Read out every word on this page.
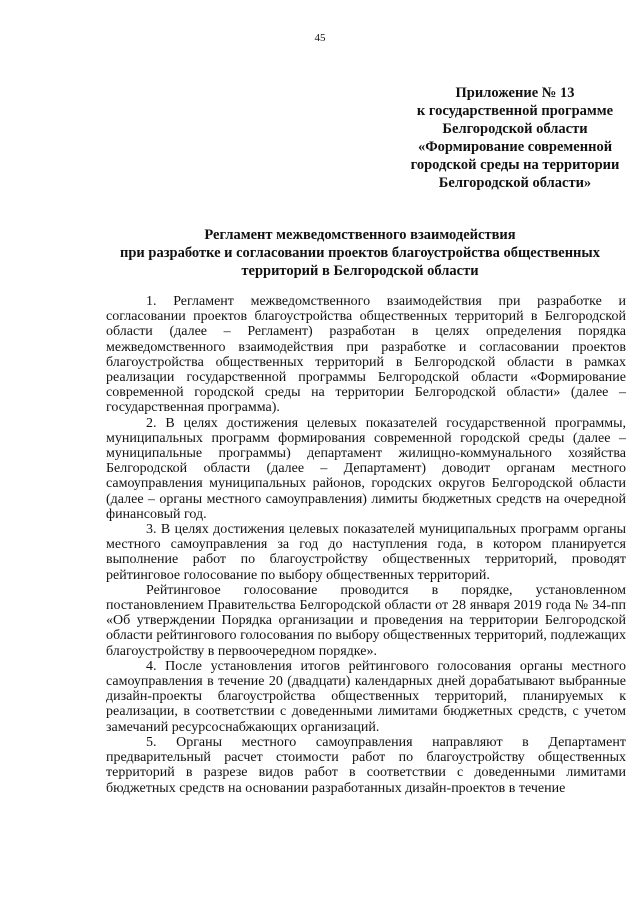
45
Приложение № 13
к государственной программе
Белгородской области
«Формирование современной
городской среды на территории
Белгородской области»
Регламент межведомственного взаимодействия
при разработке и согласовании проектов благоустройства общественных
территорий в Белгородской области

1. Регламент межведомственного взаимодействия при разработке и согласовании проектов благоустройства общественных территорий в Белгородской области (далее – Регламент) разработан в целях определения порядка межведомственного взаимодействия при разработке и согласовании проектов благоустройства общественных территорий в Белгородской области в рамках реализации государственной программы Белгородской области «Формирование современной городской среды на территории Белгородской области» (далее – государственная программа).

2. В целях достижения целевых показателей государственной программы, муниципальных программ формирования современной городской среды (далее – муниципальные программы) департамент жилищно-коммунального хозяйства Белгородской области (далее – Департамент) доводит органам местного самоуправления муниципальных районов, городских округов Белгородской области (далее – органы местного самоуправления) лимиты бюджетных средств на очередной финансовый год.

3. В целях достижения целевых показателей муниципальных программ органы местного самоуправления за год до наступления года, в котором планируется выполнение работ по благоустройству общественных территорий, проводят рейтинговое голосование по выбору общественных территорий.

Рейтинговое голосование проводится в порядке, установленном постановлением Правительства Белгородской области от 28 января 2019 года № 34-пп «Об утверждении Порядка организации и проведения на территории Белгородской области рейтингового голосования по выбору общественных территорий, подлежащих благоустройству в первоочередном порядке».

4. После установления итогов рейтингового голосования органы местного самоуправления в течение 20 (двадцати) календарных дней дорабатывают выбранные дизайн-проекты благоустройства общественных территорий, планируемых к реализации, в соответствии с доведенными лимитами бюджетных средств, с учетом замечаний ресурсоснабжающих организаций.

5. Органы местного самоуправления направляют в Департамент предварительный расчет стоимости работ по благоустройству общественных территорий в разрезе видов работ в соответствии с доведенными лимитами бюджетных средств на основании разработанных дизайн-проектов в течение
